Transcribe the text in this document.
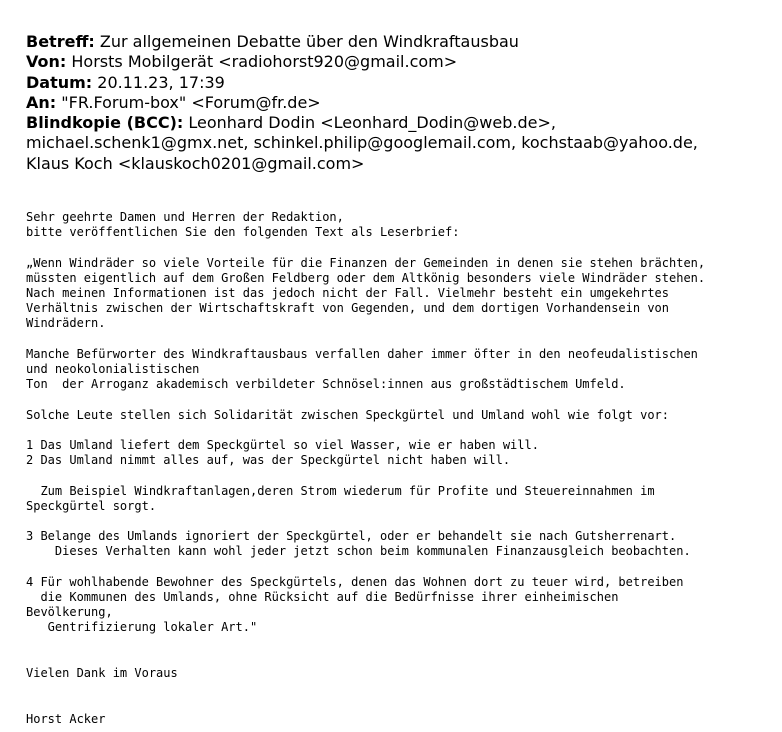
Betreff: Zur allgemeinen Debatte über den Windkraftausbau
Von: Horsts Mobilgerät <radiohorst920@gmail.com>
Datum: 20.11.23, 17:39
An: "FR.Forum-box" <Forum@fr.de>
Blindkopie (BCC): Leonhard Dodin <Leonhard_Dodin@web.de>,
michael.schenk1@gmx.net, schinkel.philip@googlemail.com, kochstaab@yahoo.de,
Klaus Koch <klauskoch0201@gmail.com>
Sehr geehrte Damen und Herren der Redaktion,
bitte veröffentlichen Sie den folgenden Text als Leserbrief:
„Wenn Windräder so viele Vorteile für die Finanzen der Gemeinden in denen sie stehen brächten,
müssten eigentlich auf dem Großen Feldberg oder dem Altkönig besonders viele Windräder stehen.
Nach meinen Informationen ist das jedoch nicht der Fall. Vielmehr besteht ein umgekehrtes
Verhältnis zwischen der Wirtschaftskraft von Gegenden, und dem dortigen Vorhandensein von
Windrädern.
Manche Befürworter des Windkraftausbaus verfallen daher immer öfter in den neofeudalistischen
und neokolonialistischen
Ton  der Arroganz akademisch verbildeter Schnösel:innen aus großstädtischem Umfeld.
Solche Leute stellen sich Solidarität zwischen Speckgürtel und Umland wohl wie folgt vor:
1 Das Umland liefert dem Speckgürtel so viel Wasser, wie er haben will.
2 Das Umland nimmt alles auf, was der Speckgürtel nicht haben will.
Zum Beispiel Windkraftanlagen,deren Strom wiederum für Profite und Steuereinnahmen im
Speckgürtel sorgt.
3 Belange des Umlands ignoriert der Speckgürtel, oder er behandelt sie nach Gutsherrenart.
Dieses Verhalten kann wohl jeder jetzt schon beim kommunalen Finanzausgleich beobachten.
4 Für wohlhabende Bewohner des Speckgürtels, denen das Wohnen dort zu teuer wird, betreiben
die Kommunen des Umlands, ohne Rücksicht auf die Bedürfnisse ihrer einheimischen
Bevölkerung,
Gentrifizierung lokaler Art."
Vielen Dank im Voraus
Horst Acker
